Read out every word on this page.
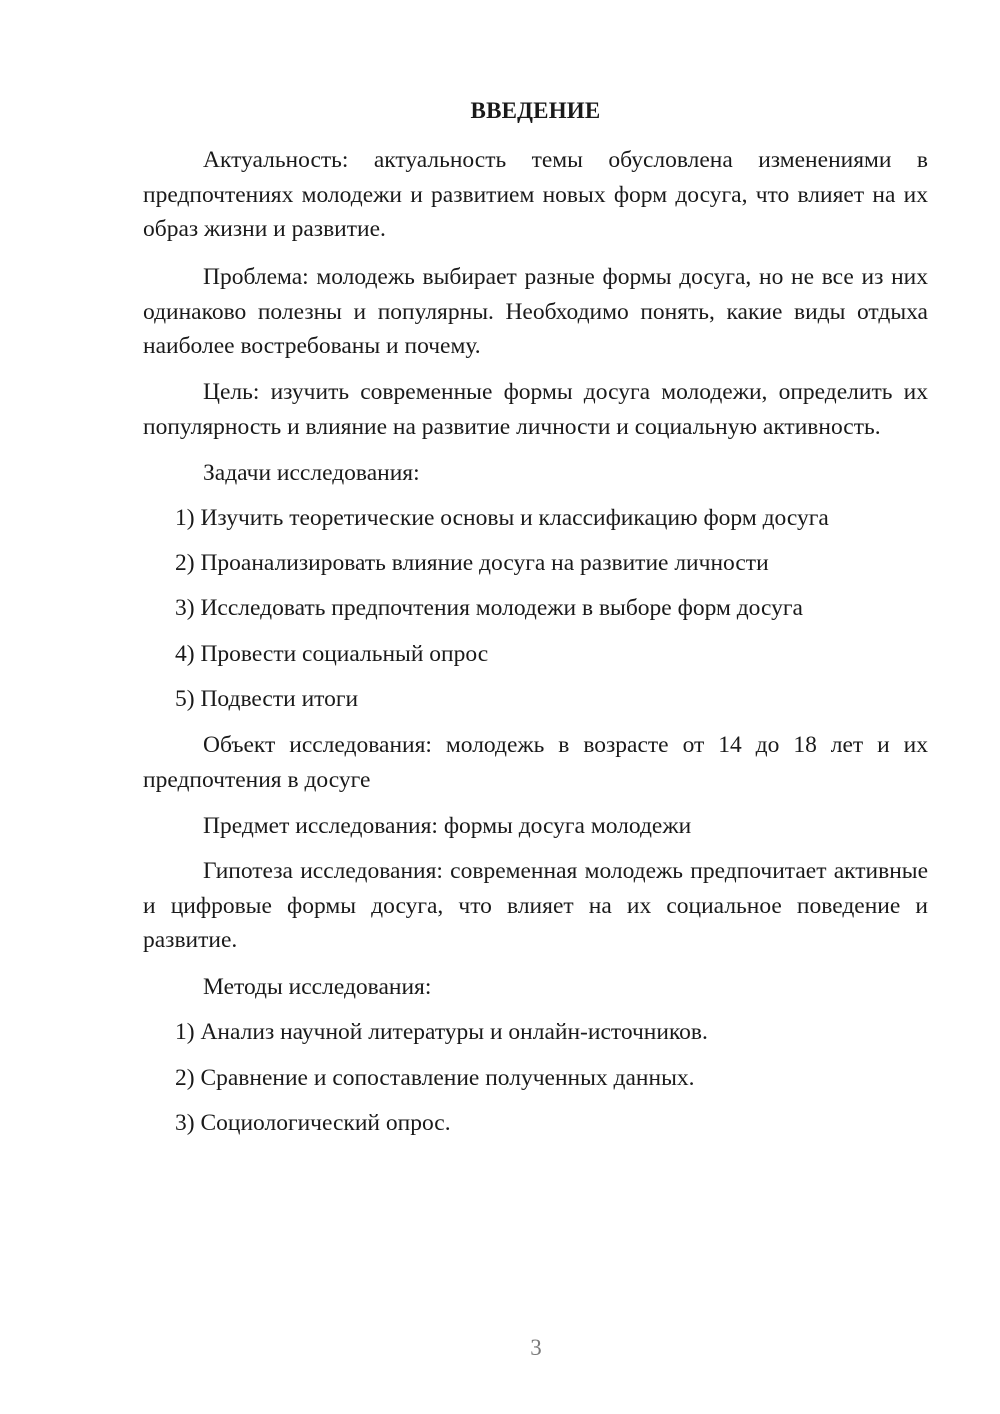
ВВЕДЕНИЕ

Актуальность: актуальность темы обусловлена изменениями в предпочтениях молодежи и развитием новых форм досуга, что влияет на их образ жизни и развитие.

Проблема: молодежь выбирает разные формы досуга, но не все из них одинаково полезны и популярны. Необходимо понять, какие виды отдыха наиболее востребованы и почему.

Цель: изучить современные формы досуга молодежи, определить их популярность и влияние на развитие личности и социальную активность.

Задачи исследования:

1) Изучить теоретические основы и классификацию форм досуга

2) Проанализировать влияние досуга на развитие личности

3) Исследовать предпочтения молодежи в выборе форм досуга

4) Провести социальный опрос

5) Подвести итоги

Объект исследования: молодежь в возрасте от 14 до 18 лет и их предпочтения в досуге

Предмет исследования: формы досуга молодежи

Гипотеза исследования: современная молодежь предпочитает активные и цифровые формы досуга, что влияет на их социальное поведение и развитие.

Методы исследования:

1) Анализ научной литературы и онлайн-источников.

2) Сравнение и сопоставление полученных данных.

3) Социологический опрос.

3
